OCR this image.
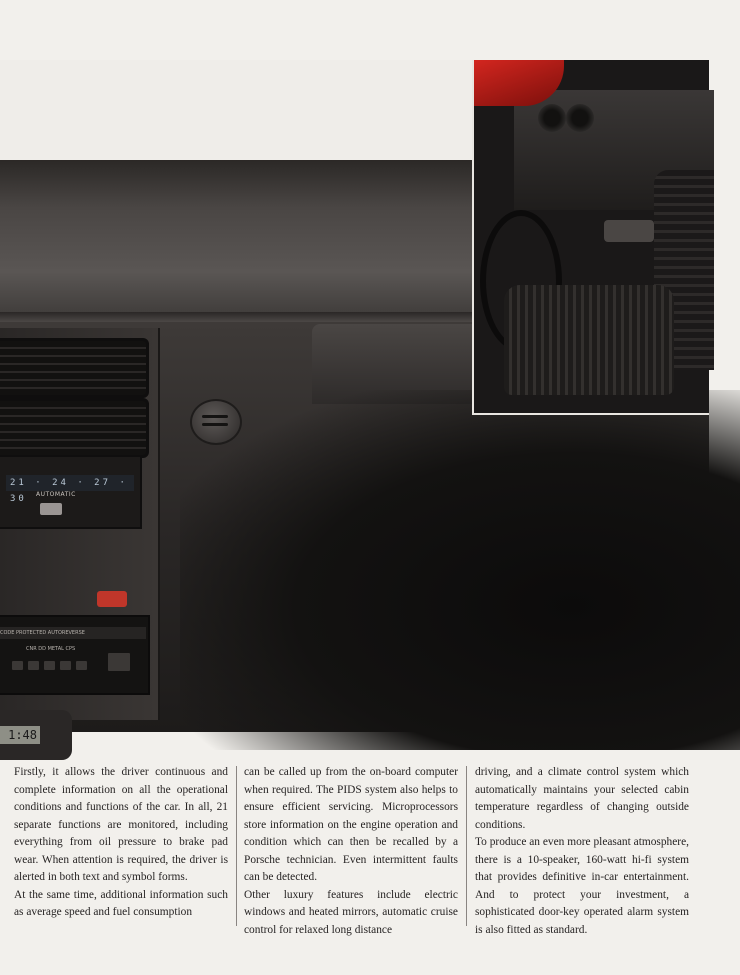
21 · 24 · 27 · 30	AUTOMATIC
CODE PROTECTED AUTOREVERSE
CNR DD METAL CPS
1:48

Firstly, it allows the driver continuous and complete information on all the operational conditions and functions of the car. In all, 21 separate functions are monitored, including everything from oil pressure to brake pad wear. When attention is required, the driver is alerted in both text and symbol forms.

At the same time, additional information such as average speed and fuel consumption

can be called up from the on-board computer when required. The PIDS system also helps to ensure efficient servicing. Microprocessors store information on the engine operation and condition which can then be recalled by a Porsche technician. Even intermittent faults can be detected.

Other luxury features include electric windows and heated mirrors, automatic cruise control for relaxed long distance

driving, and a climate control system which automatically maintains your selected cabin temperature regardless of changing outside conditions.

To produce an even more pleasant atmosphere, there is a 10-speaker, 160-watt hi-fi system that provides definitive in-car entertainment. And to protect your investment, a sophisticated door-key operated alarm system is also fitted as standard.
